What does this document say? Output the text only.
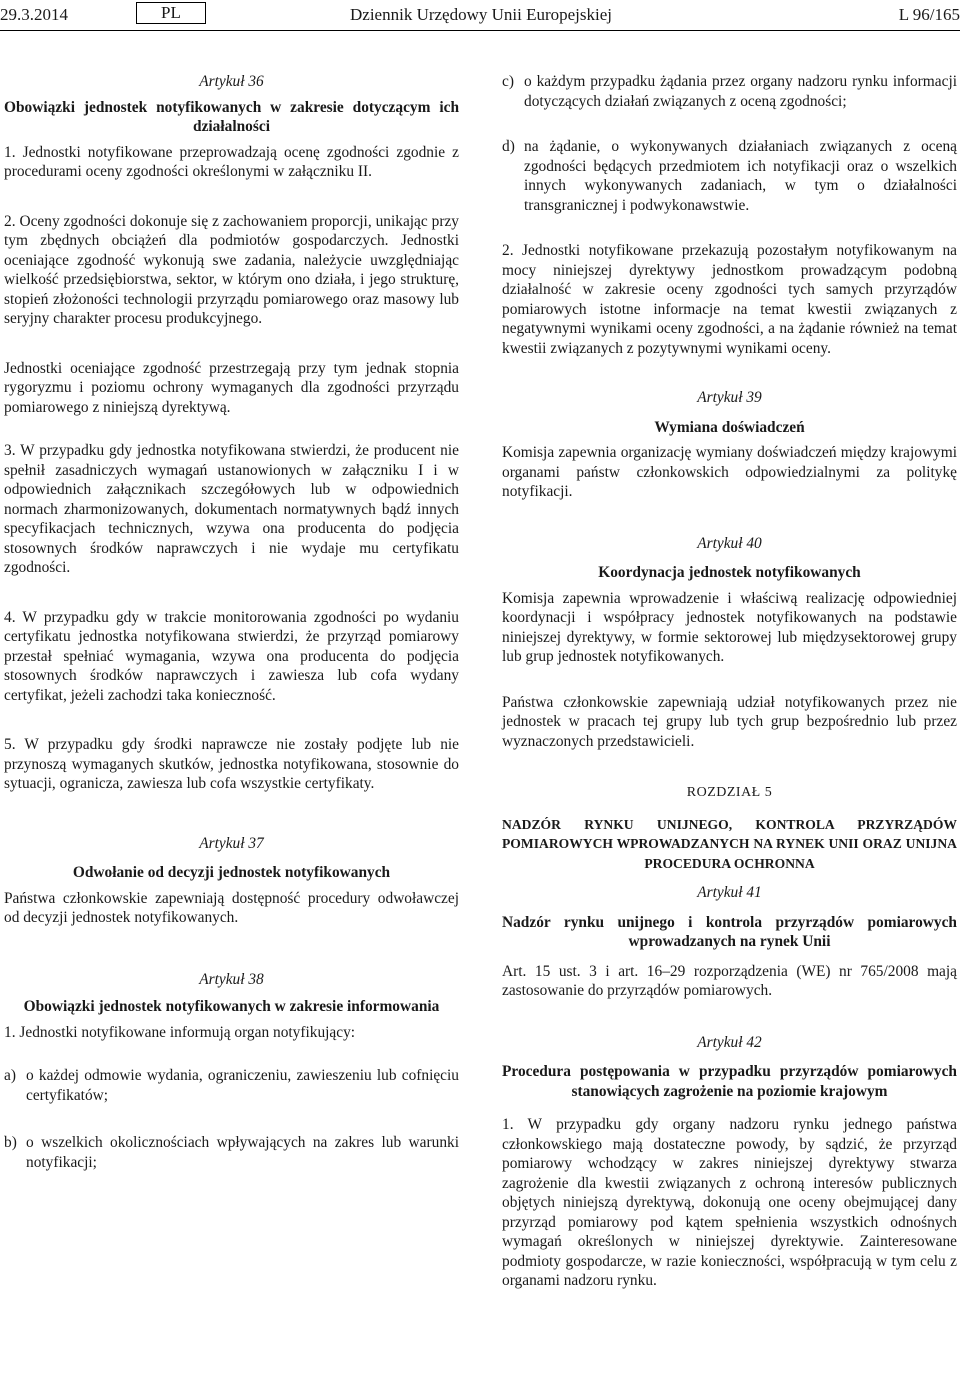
29.3.2014	PL	Dziennik Urzędowy Unii Europejskiej	L 96/165

Artykuł 36

Obowiązki jednostek notyfikowanych w zakresie dotyczącym ich działalności

1. Jednostki notyfikowane przeprowadzają ocenę zgodności zgodnie z procedurami oceny zgodności określonymi w załączniku II.

2. Oceny zgodności dokonuje się z zachowaniem proporcji, unikając przy tym zbędnych obciążeń dla podmiotów gospodarczych. Jednostki oceniające zgodność wykonują swe zadania, należycie uwzględniając wielkość przedsiębiorstwa, sektor, w którym ono działa, i jego strukturę, stopień złożoności technologii przyrządu pomiarowego oraz masowy lub seryjny charakter procesu produkcyjnego.

Jednostki oceniające zgodność przestrzegają przy tym jednak stopnia rygoryzmu i poziomu ochrony wymaganych dla zgodności przyrządu pomiarowego z niniejszą dyrektywą.

3. W przypadku gdy jednostka notyfikowana stwierdzi, że producent nie spełnił zasadniczych wymagań ustanowionych w załączniku I i w odpowiednich załącznikach szczegółowych lub w odpowiednich normach zharmonizowanych, dokumentach normatywnych bądź innych specyfikacjach technicznych, wzywa ona producenta do podjęcia stosownych środków naprawczych i nie wydaje mu certyfikatu zgodności.

4. W przypadku gdy w trakcie monitorowania zgodności po wydaniu certyfikatu jednostka notyfikowana stwierdzi, że przyrząd pomiarowy przestał spełniać wymagania, wzywa ona producenta do podjęcia stosownych środków naprawczych i zawiesza lub cofa wydany certyfikat, jeżeli zachodzi taka konieczność.

5. W przypadku gdy środki naprawcze nie zostały podjęte lub nie przynoszą wymaganych skutków, jednostka notyfikowana, stosownie do sytuacji, ogranicza, zawiesza lub cofa wszystkie certyfikaty.

Artykuł 37

Odwołanie od decyzji jednostek notyfikowanych

Państwa członkowskie zapewniają dostępność procedury odwoławczej od decyzji jednostek notyfikowanych.

Artykuł 38

Obowiązki jednostek notyfikowanych w zakresie informowania

1. Jednostki notyfikowane informują organ notyfikujący:

a) o każdej odmowie wydania, ograniczeniu, zawieszeniu lub cofnięciu certyfikatów;
b) o wszelkich okolicznościach wpływających na zakres lub warunki notyfikacji;
c) o każdym przypadku żądania przez organy nadzoru rynku informacji dotyczących działań związanych z oceną zgodności;
d) na żądanie, o wykonywanych działaniach związanych z oceną zgodności będących przedmiotem ich notyfikacji oraz o wszelkich innych wykonywanych zadaniach, w tym o działalności transgranicznej i podwykonawstwie.

2. Jednostki notyfikowane przekazują pozostałym notyfikowanym na mocy niniejszej dyrektywy jednostkom prowadzącym podobną działalność w zakresie oceny zgodności tych samych przyrządów pomiarowych istotne informacje na temat kwestii związanych z negatywnymi wynikami oceny zgodności, a na żądanie również na temat kwestii związanych z pozytywnymi wynikami oceny.

Artykuł 39

Wymiana doświadczeń

Komisja zapewnia organizację wymiany doświadczeń między krajowymi organami państw członkowskich odpowiedzialnymi za politykę notyfikacji.

Artykuł 40

Koordynacja jednostek notyfikowanych

Komisja zapewnia wprowadzenie i właściwą realizację odpowiedniej koordynacji i współpracy jednostek notyfikowanych na podstawie niniejszej dyrektywy, w formie sektorowej lub międzysektorowej grupy lub grup jednostek notyfikowanych.

Państwa członkowskie zapewniają udział notyfikowanych przez nie jednostek w pracach tej grupy lub tych grup bezpośrednio lub przez wyznaczonych przedstawicieli.

ROZDZIAŁ 5

NADZÓR RYNKU UNIJNEGO, KONTROLA PRZYRZĄDÓW POMIAROWYCH WPROWADZANYCH NA RYNEK UNII ORAZ UNIJNA PROCEDURA OCHRONNA

Artykuł 41

Nadzór rynku unijnego i kontrola przyrządów pomiarowych wprowadzanych na rynek Unii

Art. 15 ust. 3 i art. 16–29 rozporządzenia (WE) nr 765/2008 mają zastosowanie do przyrządów pomiarowych.

Artykuł 42

Procedura postępowania w przypadku przyrządów pomiarowych stanowiących zagrożenie na poziomie krajowym

1. W przypadku gdy organy nadzoru rynku jednego państwa członkowskiego mają dostateczne powody, by sądzić, że przyrząd pomiarowy wchodzący w zakres niniejszej dyrektywy stwarza zagrożenie dla kwestii związanych z ochroną interesów publicznych objętych niniejszą dyrektywą, dokonują one oceny obejmującej dany przyrząd pomiarowy pod kątem spełnienia wszystkich odnośnych wymagań określonych w niniejszej dyrektywie. Zainteresowane podmioty gospodarcze, w razie konieczności, współpracują w tym celu z organami nadzoru rynku.
